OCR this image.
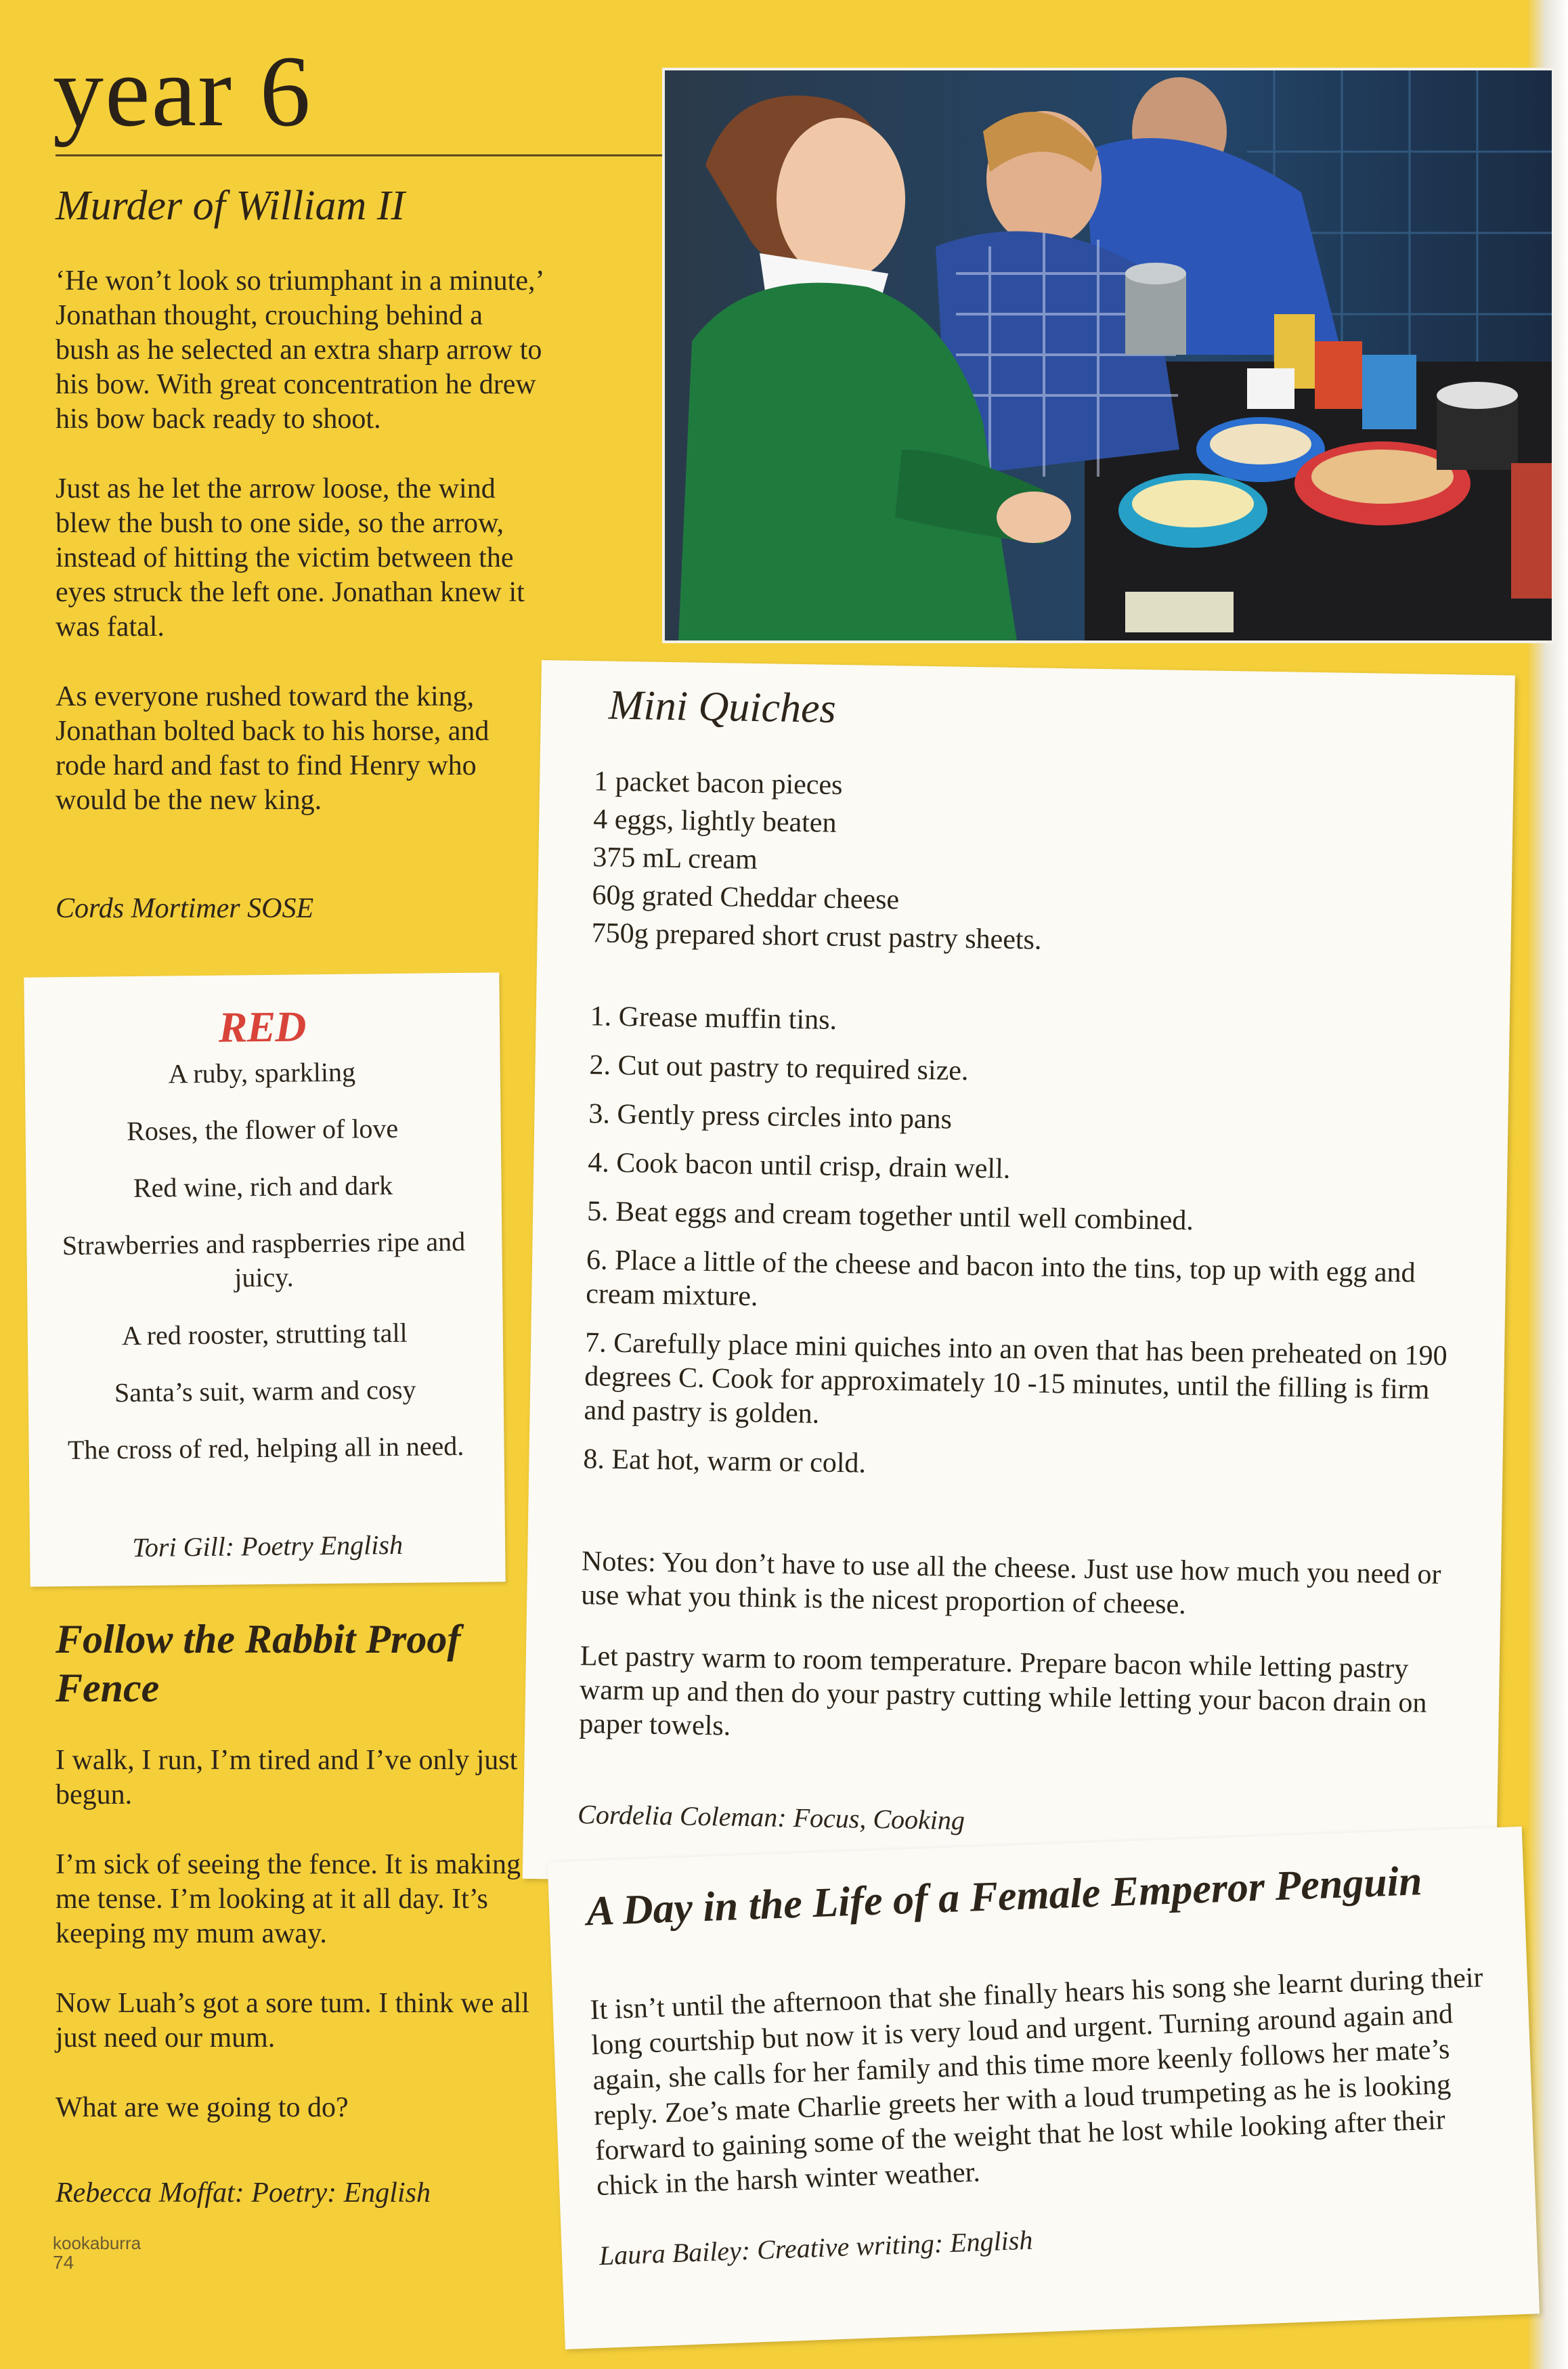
year 6
Murder of William II

‘He won’t look so triumphant in a minute,’ Jonathan thought, crouching behind a bush as he selected an extra sharp arrow to his bow. With great concentration he drew his bow back ready to shoot.

Just as he let the arrow loose, the wind blew the bush to one side, so the arrow, instead of hitting the victim between the eyes struck the left one. Jonathan knew it was fatal.

As everyone rushed toward the king, Jonathan bolted back to his horse, and rode hard and fast to find Henry who would be the new king.

Cords Mortimer SOSE
RED
A ruby, sparkling
Roses, the flower of love
Red wine, rich and dark
Strawberries and raspberries ripe and juicy.
A red rooster, strutting tall
Santa’s suit, warm and cosy
The cross of red, helping all in need.
Tori Gill: Poetry English
Follow the Rabbit Proof Fence

I walk, I run, I’m tired and I’ve only just begun.

I’m sick of seeing the fence. It is making me tense. I’m looking at it all day. It’s keeping my mum away.

Now Luah’s got a sore tum. I think we all just need our mum.

What are we going to do?

Rebecca Moffat: Poetry: English
kookaburra
74
Mini Quiches
1 packet bacon pieces
4 eggs, lightly beaten
375 mL cream
60g grated Cheddar cheese
750g prepared short crust pastry sheets.
1. Grease muffin tins.
2. Cut out pastry to required size.
3. Gently press circles into pans
4. Cook bacon until crisp, drain well.
5. Beat eggs and cream together until well combined.
6. Place a little of the cheese and bacon into the tins, top up with egg and cream mixture.
7. Carefully place mini quiches into an oven that has been preheated on 190 degrees C. Cook for approximately 10 -15 minutes, until the filling is firm and pastry is golden.
8. Eat hot, warm or cold.

Notes: You don’t have to use all the cheese. Just use how much you need or use what you think is the nicest proportion of cheese.

Let pastry warm to room temperature. Prepare bacon while letting pastry warm up and then do your pastry cutting while letting your bacon drain on paper towels.

Cordelia Coleman: Focus, Cooking
A Day in the Life of a Female Emperor Penguin
It isn’t until the afternoon that she finally hears his song she learnt during their long courtship but now it is very loud and urgent. Turning around again and again, she calls for her family and this time more keenly follows her mate’s reply. Zoe’s mate Charlie greets her with a loud trumpeting as he is looking forward to gaining some of the weight that he lost while looking after their chick in the harsh winter weather.
Laura Bailey: Creative writing: English
